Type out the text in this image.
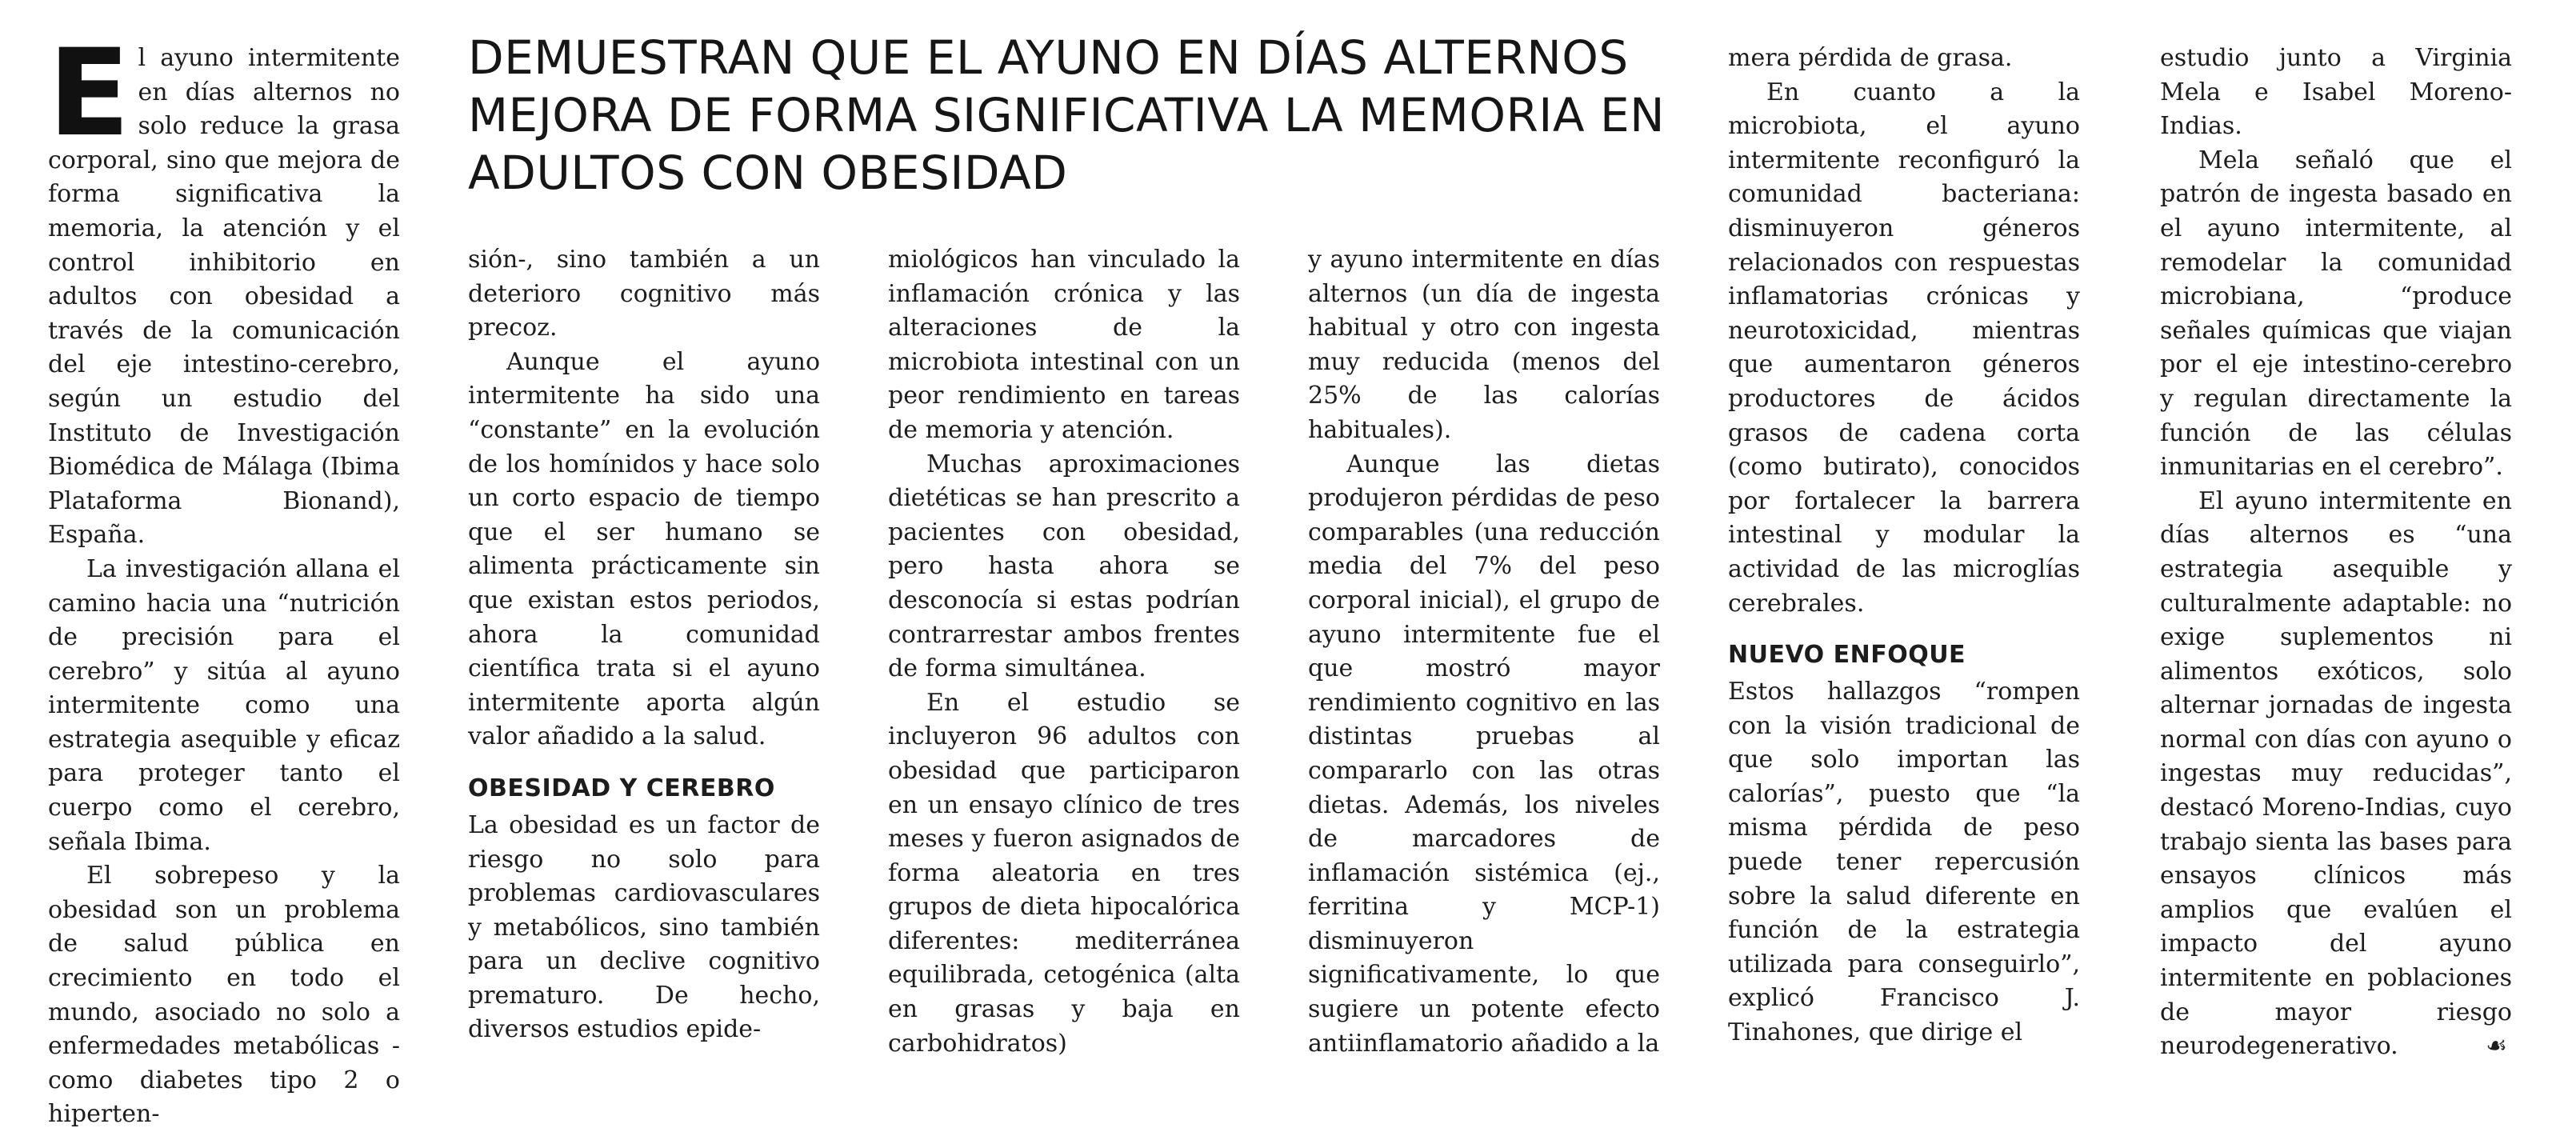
El ayuno intermitente en días alternos no solo reduce la grasa corporal, sino que mejora de forma significativa la memoria, la atención y el control inhibitorio en adultos con obesidad a través de la comunicación del eje intestino-cerebro, según un estudio del Instituto de Investigación Biomédica de Málaga (Ibima Plataforma Bionand), España.

La investigación allana el camino hacia una “nutrición de precisión para el cerebro” y sitúa al ayuno intermitente como una estrategia asequible y eficaz para proteger tanto el cuerpo como el cerebro, señala Ibima.

El sobrepeso y la obesidad son un problema de salud pública en crecimiento en todo el mundo, asociado no solo a enfermedades metabólicas -como diabetes tipo 2 o hiperten-

DEMUESTRAN QUE EL AYUNO EN DÍAS ALTERNOS MEJORA DE FORMA SIGNIFICATIVA LA MEMORIA EN ADULTOS CON OBESIDAD

sión-, sino también a un deterioro cognitivo más precoz.

Aunque el ayuno intermitente ha sido una “constante” en la evolución de los homínidos y hace solo un corto espacio de tiempo que el ser humano se alimenta prácticamente sin que existan estos periodos, ahora la comunidad científica trata si el ayuno intermitente aporta algún valor añadido a la salud.

OBESIDAD Y CEREBRO

La obesidad es un factor de riesgo no solo para problemas cardiovasculares y metabólicos, sino también para un declive cognitivo prematuro. De hecho, diversos estudios epide-

miológicos han vinculado la inflamación crónica y las alteraciones de la microbiota intestinal con un peor rendimiento en tareas de memoria y atención.

Muchas aproximaciones dietéticas se han prescrito a pacientes con obesidad, pero hasta ahora se desconocía si estas podrían contrarrestar ambos frentes de forma simultánea.

En el estudio se incluyeron 96 adultos con obesidad que participaron en un ensayo clínico de tres meses y fueron asignados de forma aleatoria en tres grupos de dieta hipocalórica diferentes: mediterránea equilibrada, cetogénica (alta en grasas y baja en carbohidratos)

y ayuno intermitente en días alternos (un día de ingesta habitual y otro con ingesta muy reducida (menos del 25% de las calorías habituales).

Aunque las dietas produjeron pérdidas de peso comparables (una reducción media del 7% del peso corporal inicial), el grupo de ayuno intermitente fue el que mostró mayor rendimiento cognitivo en las distintas pruebas al compararlo con las otras dietas. Además, los niveles de marcadores de inflamación sistémica (ej., ferritina y MCP-1) disminuyeron significativamente, lo que sugiere un potente efecto antiinflamatorio añadido a la

mera pérdida de grasa.

En cuanto a la microbiota, el ayuno intermitente reconfiguró la comunidad bacteriana: disminuyeron géneros relacionados con respuestas inflamatorias crónicas y neurotoxicidad, mientras que aumentaron géneros productores de ácidos grasos de cadena corta (como butirato), conocidos por fortalecer la barrera intestinal y modular la actividad de las microglías cerebrales.

NUEVO ENFOQUE

Estos hallazgos “rompen con la visión tradicional de que solo importan las calorías”, puesto que “la misma pérdida de peso puede tener repercusión sobre la salud diferente en función de la estrategia utilizada para conseguirlo”, explicó Francisco J. Tinahones, que dirige el

estudio junto a Virginia Mela e Isabel Moreno-Indias.

Mela señaló que el patrón de ingesta basado en el ayuno intermitente, al remodelar la comunidad microbiana, “produce señales químicas que viajan por el eje intestino-cerebro y regulan directamente la función de las células inmunitarias en el cerebro”.

El ayuno intermitente en días alternos es “una estrategia asequible y culturalmente adaptable: no exige suplementos ni alimentos exóticos, solo alternar jornadas de ingesta normal con días con ayuno o ingestas muy reducidas”, destacó Moreno-Indias, cuyo trabajo sienta las bases para ensayos clínicos más amplios que evalúen el impacto del ayuno intermitente en poblaciones de mayor riesgo neurodegenerativo.	☙
